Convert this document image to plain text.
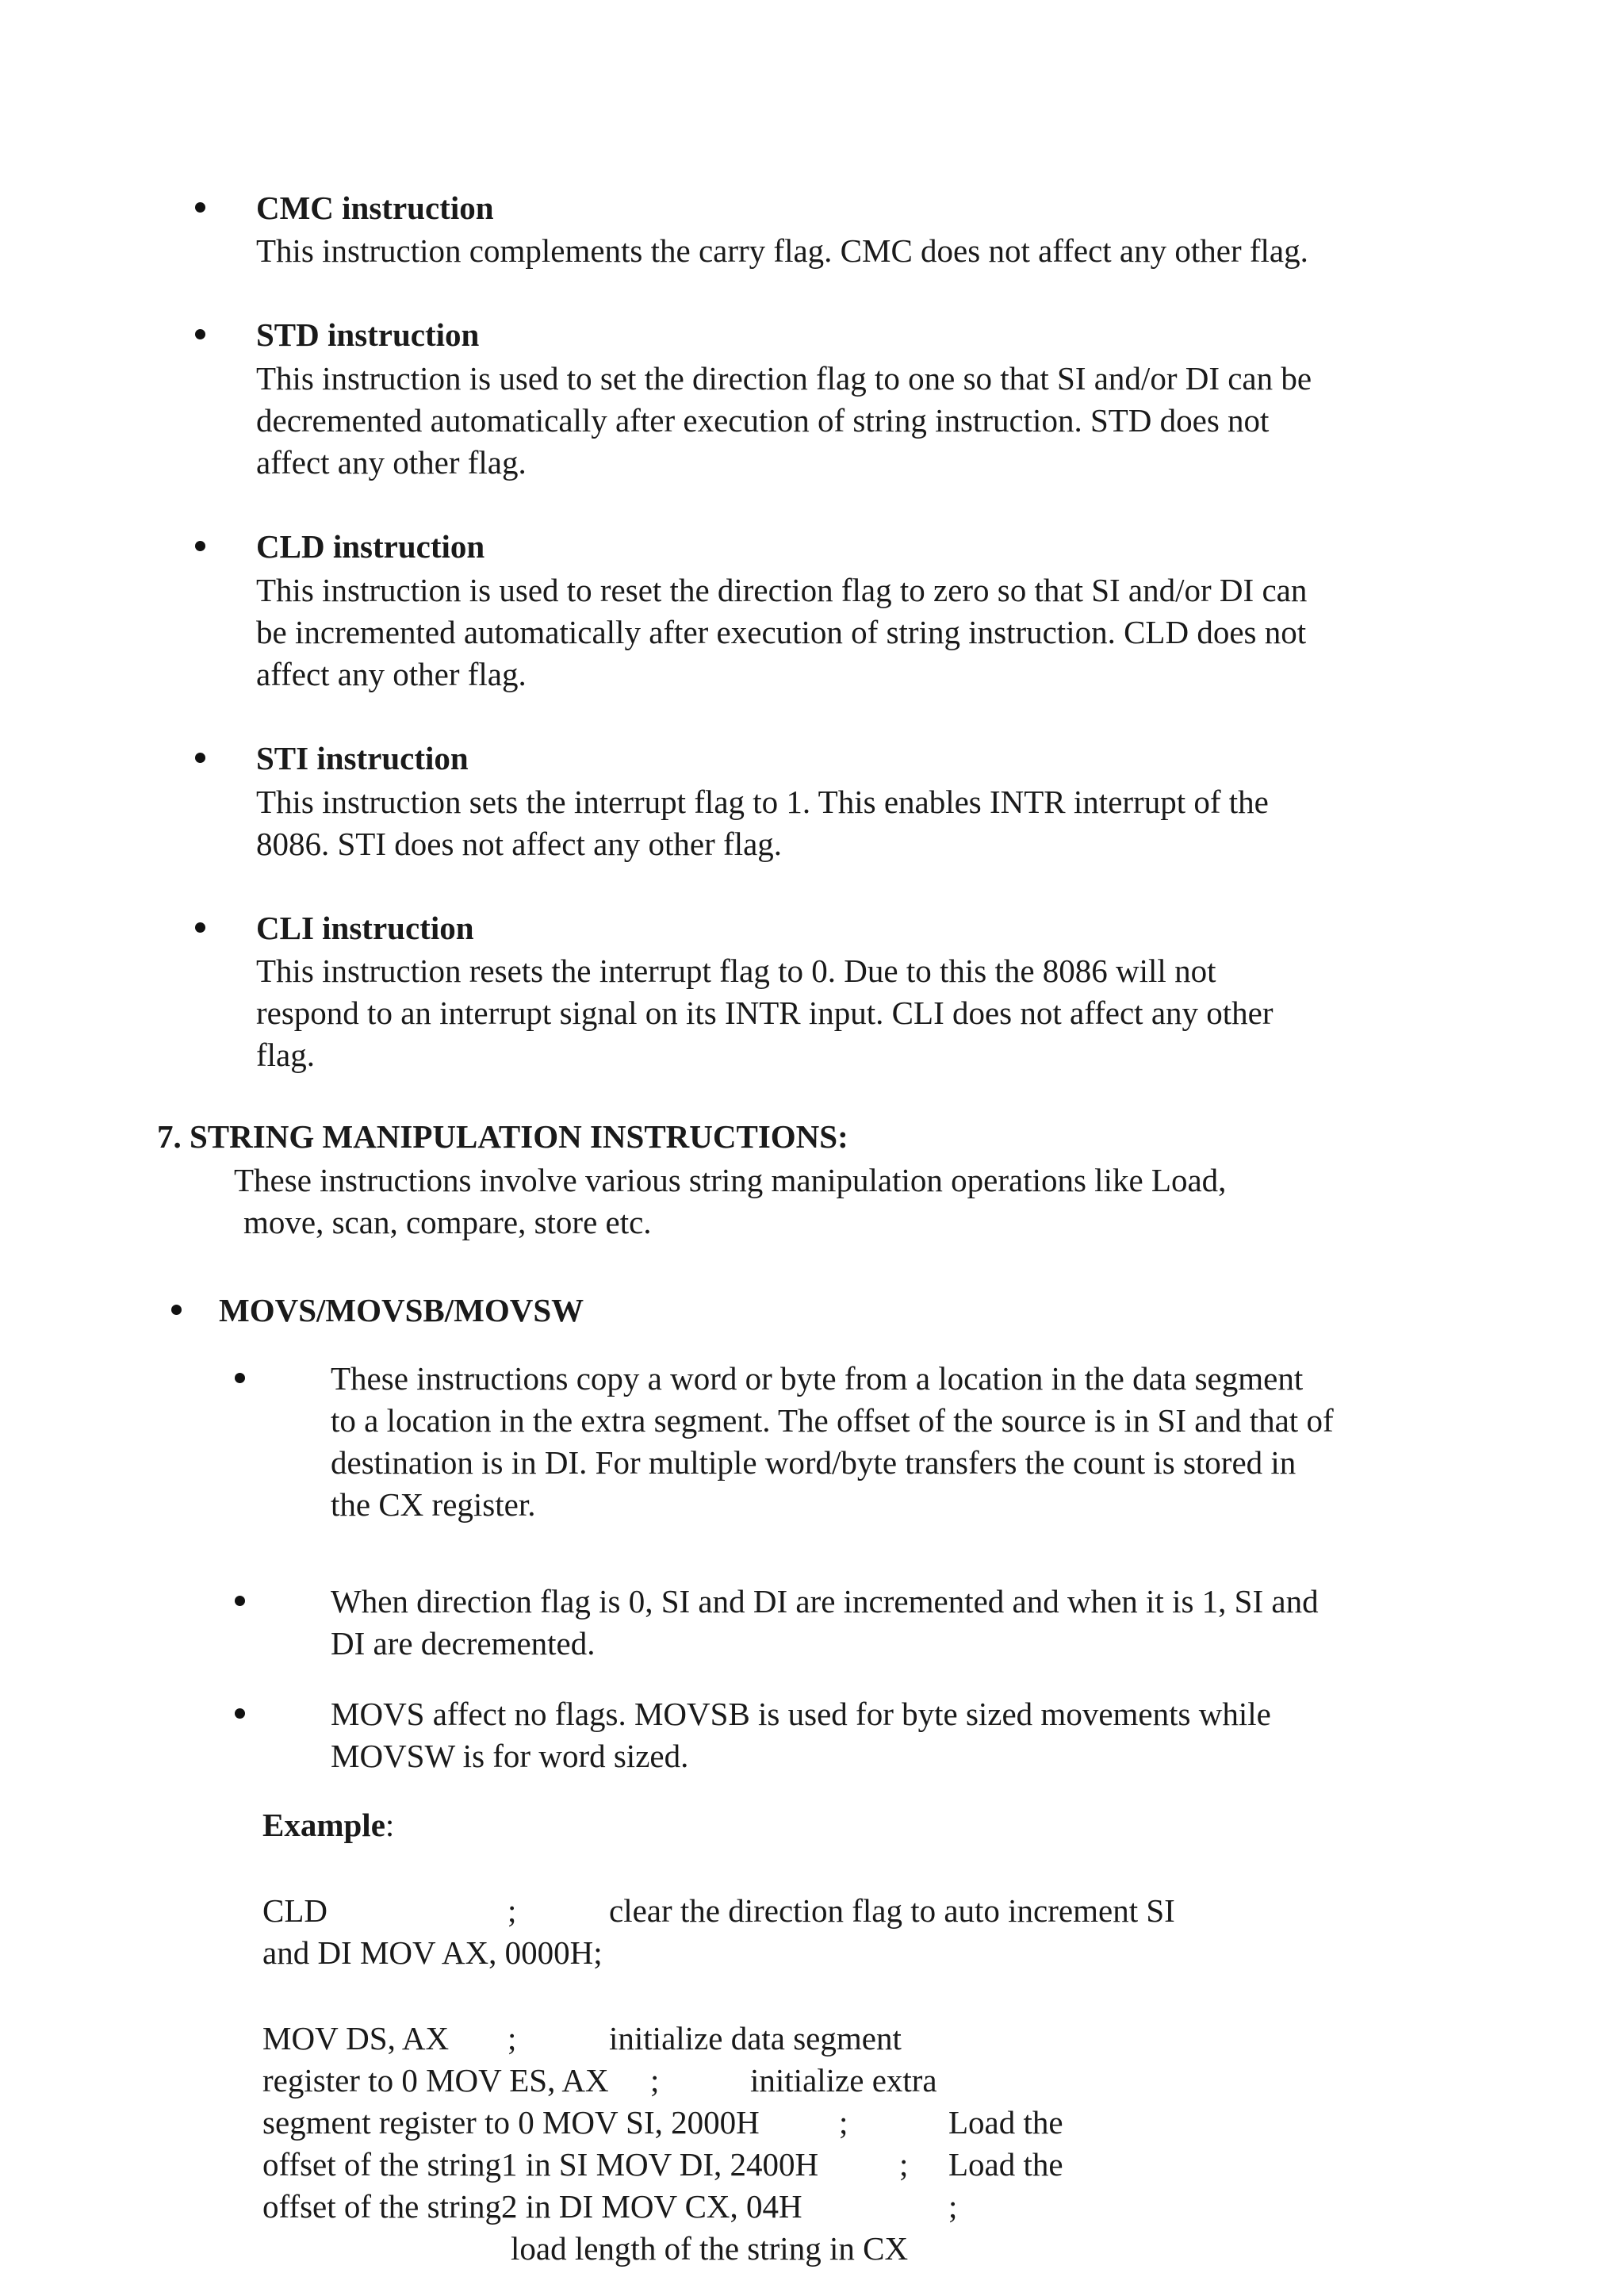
CMC instruction
This instruction complements the carry flag. CMC does not affect any other flag.
STD instruction
This instruction is used to set the direction flag to one so that SI and/or DI can be
decremented automatically after execution of string instruction. STD does not
affect any other flag.
CLD instruction
This instruction is used to reset the direction flag to zero so that SI and/or DI can
be incremented automatically after execution of string instruction. CLD does not
affect any other flag.
STI instruction
This instruction sets the interrupt flag to 1. This enables INTR interrupt of the
8086. STI does not affect any other flag.
CLI instruction
This instruction resets the interrupt flag to 0. Due to this the 8086 will not
respond to an interrupt signal on its INTR input. CLI does not affect any other
flag.
7. STRING MANIPULATION INSTRUCTIONS:
These instructions involve various string manipulation operations like Load,
move, scan, compare, store etc.
MOVS/MOVSB/MOVSW
These instructions copy a word or byte from a location in the data segment
to a location in the extra segment. The offset of the source is in SI and that of
destination is in DI. For multiple word/byte transfers the count is stored in
the CX register.
When direction flag is 0, SI and DI are incremented and when it is 1, SI and
DI are decremented.
MOVS affect no flags. MOVSB is used for byte sized movements while
MOVSW is for word sized.
Example:
CLD	;	clear the direction flag to auto increment SI
and DI MOV AX, 0000H;
MOV DS, AX ;	initialize data segment
register to 0 MOV ES, AX ;	initialize extra
segment register to 0 MOV SI, 2000H ;	Load the
offset of the string1 in SI MOV DI, 2400H ; Load the
offset of the string2 in DI MOV CX, 04H	;
load length of the string in CX
